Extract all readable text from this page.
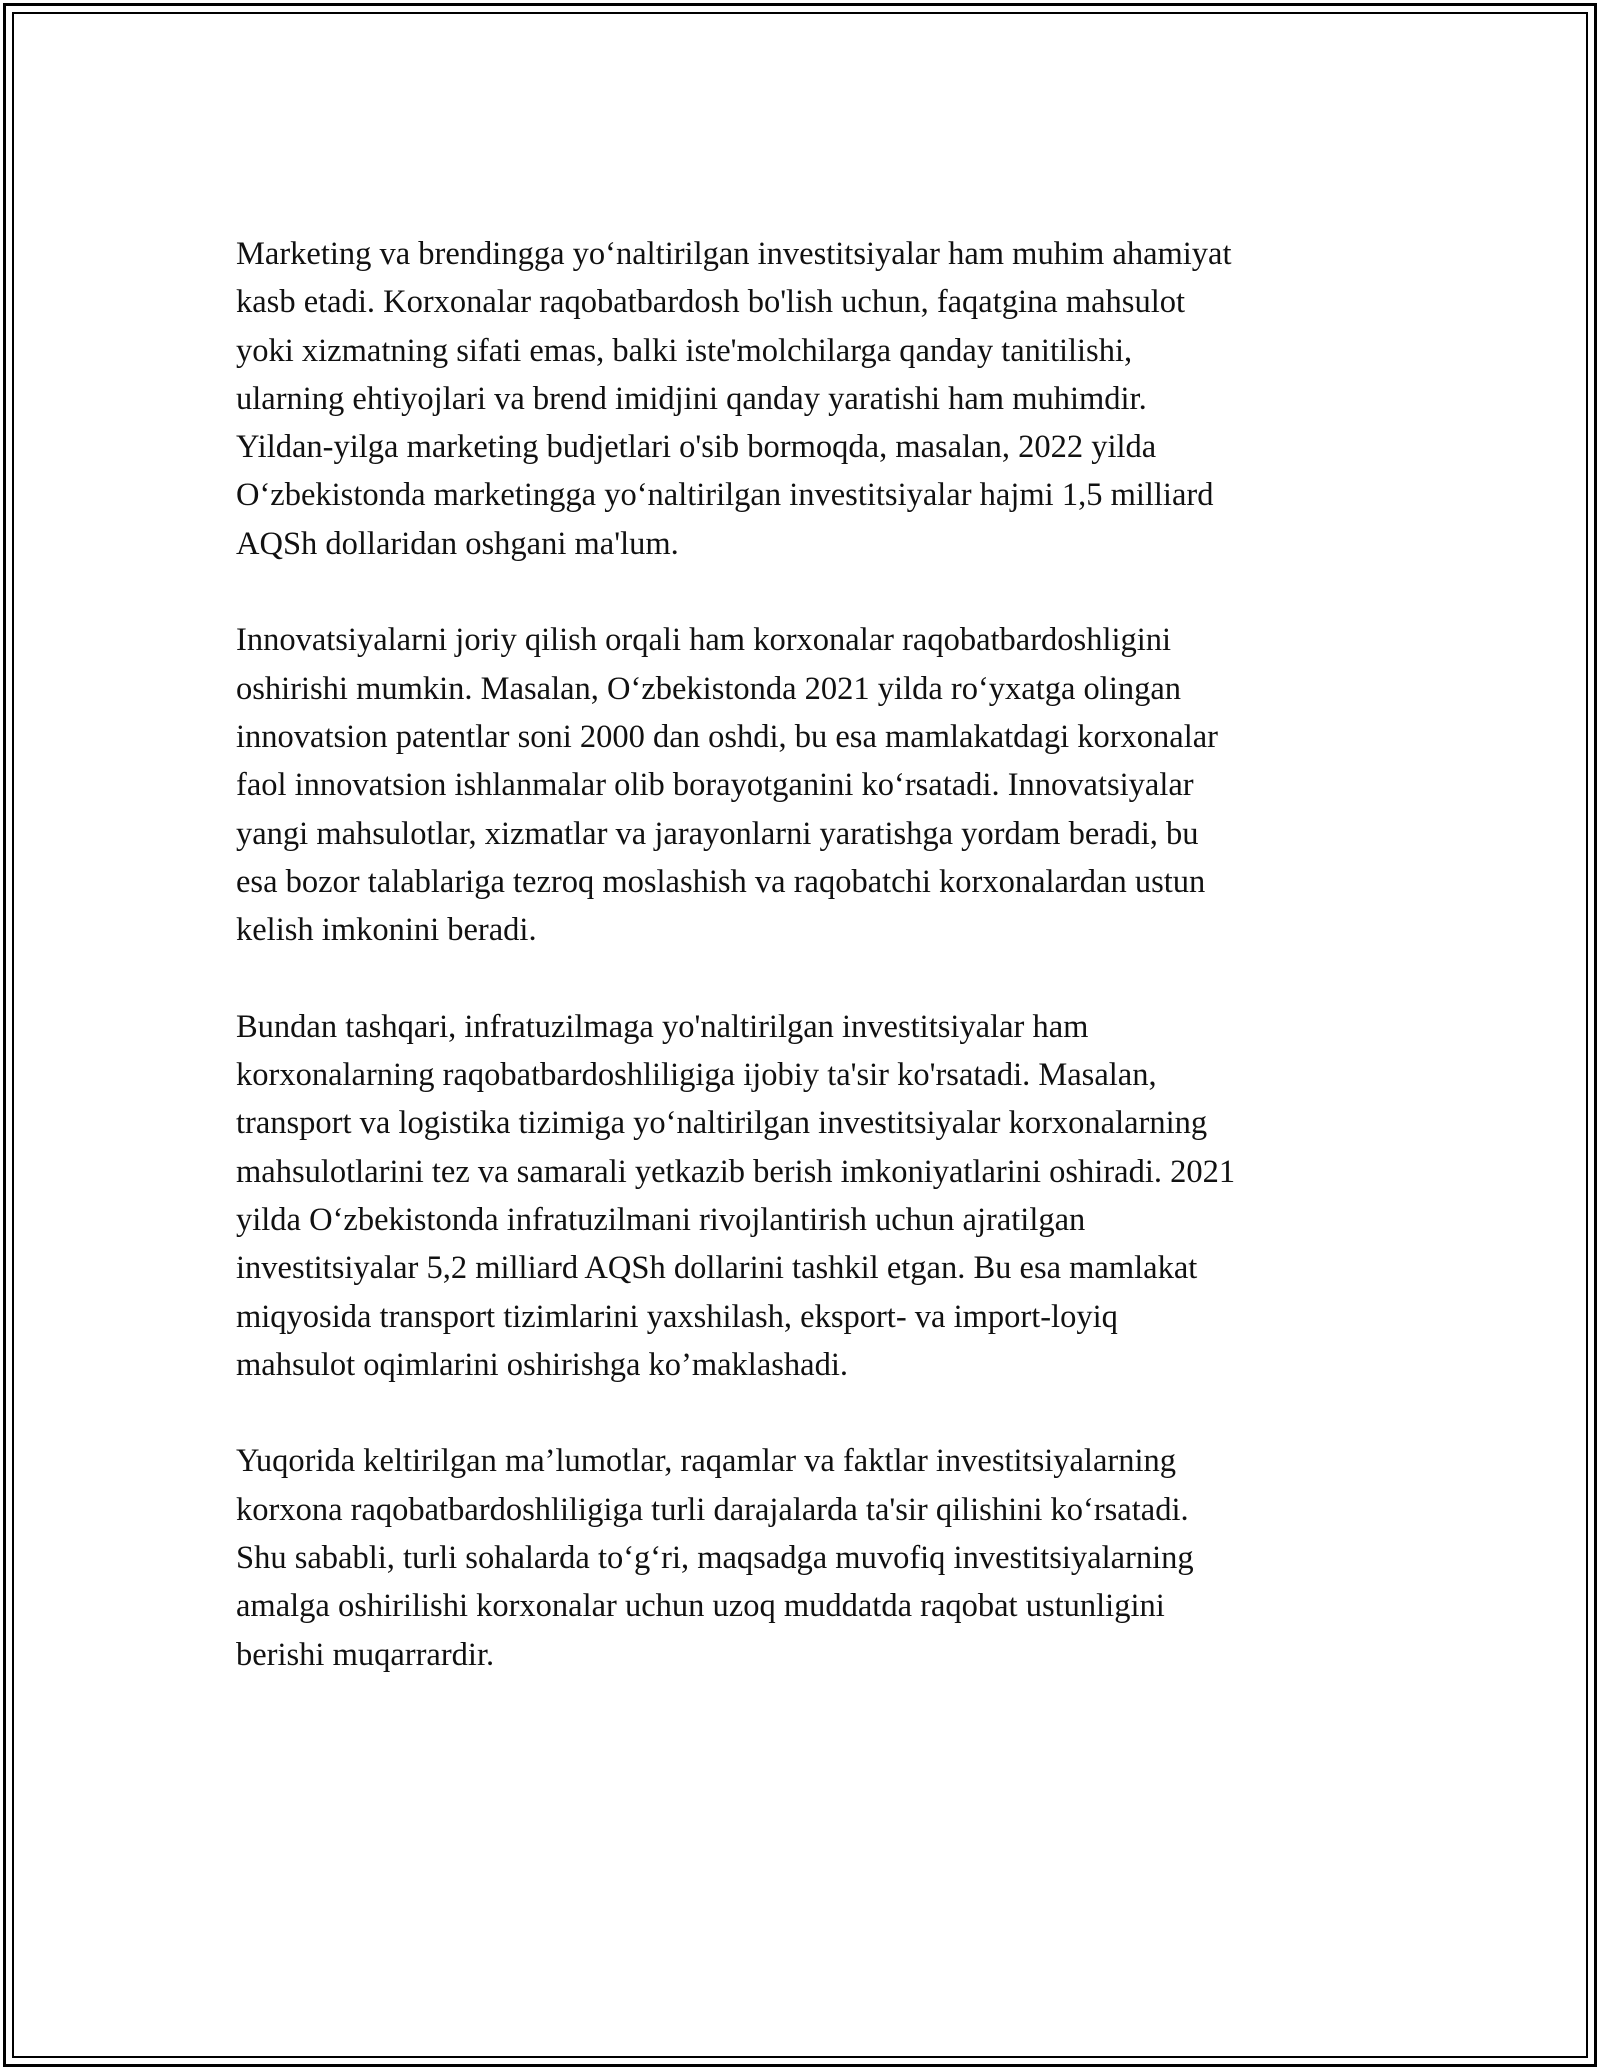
Marketing va brendingga yo‘naltirilgan investitsiyalar ham muhim ahamiyat
kasb etadi. Korxonalar raqobatbardosh bo'lish uchun, faqatgina mahsulot
yoki xizmatning sifati emas, balki iste'molchilarga qanday tanitilishi,
ularning ehtiyojlari va brend imidjini qanday yaratishi ham muhimdir.
Yildan-yilga marketing budjetlari o'sib bormoqda, masalan, 2022 yilda
O‘zbekistonda marketingga yo‘naltirilgan investitsiyalar hajmi 1,5 milliard
AQSh dollaridan oshgani ma'lum.

Innovatsiyalarni joriy qilish orqali ham korxonalar raqobatbardoshligini
oshirishi mumkin. Masalan, O‘zbekistonda 2021 yilda ro‘yxatga olingan
innovatsion patentlar soni 2000 dan oshdi, bu esa mamlakatdagi korxonalar
faol innovatsion ishlanmalar olib borayotganini ko‘rsatadi. Innovatsiyalar
yangi mahsulotlar, xizmatlar va jarayonlarni yaratishga yordam beradi, bu
esa bozor talablariga tezroq moslashish va raqobatchi korxonalardan ustun
kelish imkonini beradi.

Bundan tashqari, infratuzilmaga yo'naltirilgan investitsiyalar ham
korxonalarning raqobatbardoshliligiga ijobiy ta'sir ko'rsatadi. Masalan,
transport va logistika tizimiga yo‘naltirilgan investitsiyalar korxonalarning
mahsulotlarini tez va samarali yetkazib berish imkoniyatlarini oshiradi. 2021
yilda O‘zbekistonda infratuzilmani rivojlantirish uchun ajratilgan
investitsiyalar 5,2 milliard AQSh dollarini tashkil etgan. Bu esa mamlakat
miqyosida transport tizimlarini yaxshilash, eksport- va import-loyiq
mahsulot oqimlarini oshirishga ko’maklashadi.

Yuqorida keltirilgan ma’lumotlar, raqamlar va faktlar investitsiyalarning
korxona raqobatbardoshliligiga turli darajalarda ta'sir qilishini ko‘rsatadi.
Shu sababli, turli sohalarda to‘g‘ri, maqsadga muvofiq investitsiyalarning
amalga oshirilishi korxonalar uchun uzoq muddatda raqobat ustunligini
berishi muqarrardir.
